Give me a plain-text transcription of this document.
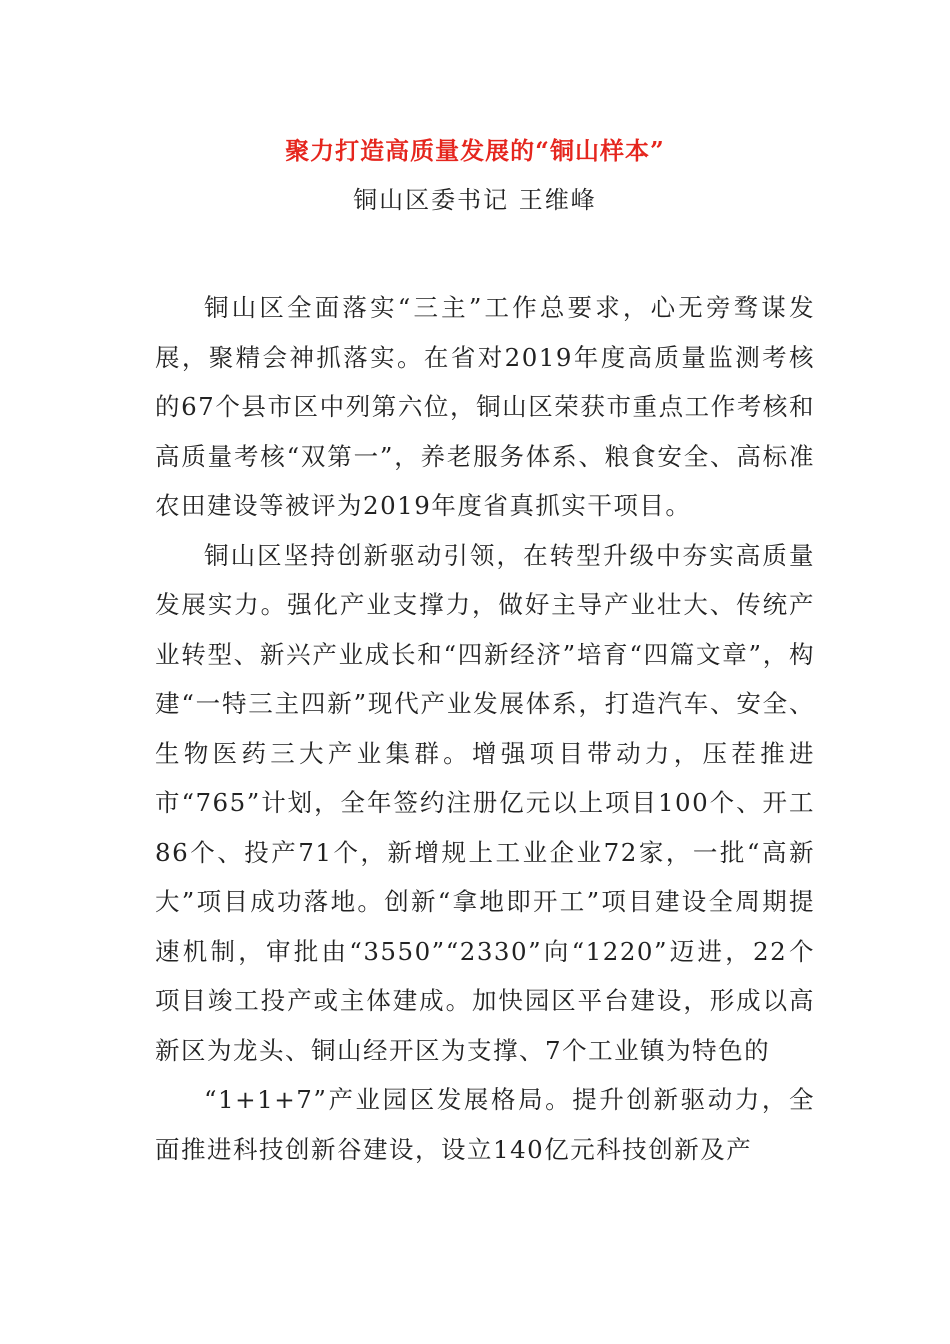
聚力打造高质量发展的“铜山样本”
铜山区委书记 王维峰

铜山区全面落实“三主”工作总要求，心无旁骛谋发展，聚精会神抓落实。在省对2019年度高质量监测考核的67个县市区中列第六位，铜山区荣获市重点工作考核和高质量考核“双第一”，养老服务体系、粮食安全、高标准农田建设等被评为2019年度省真抓实干项目。

铜山区坚持创新驱动引领，在转型升级中夯实高质量发展实力。强化产业支撑力，做好主导产业壮大、传统产业转型、新兴产业成长和“四新经济”培育“四篇文章”，构建“一特三主四新”现代产业发展体系，打造汽车、安全、生物医药三大产业集群。增强项目带动力，压茬推进市“765”计划，全年签约注册亿元以上项目100个、开工86个、投产71个，新增规上工业企业72家，一批“高新大”项目成功落地。创新“拿地即开工”项目建设全周期提速机制，审批由“3550”“2330”向“1220”迈进，22个项目竣工投产或主体建成。加快园区平台建设，形成以高新区为龙头、铜山经开区为支撑、7个工业镇为特色的

“1+1+7”产业园区发展格局。提升创新驱动力，全面推进科技创新谷建设，设立140亿元科技创新及产
